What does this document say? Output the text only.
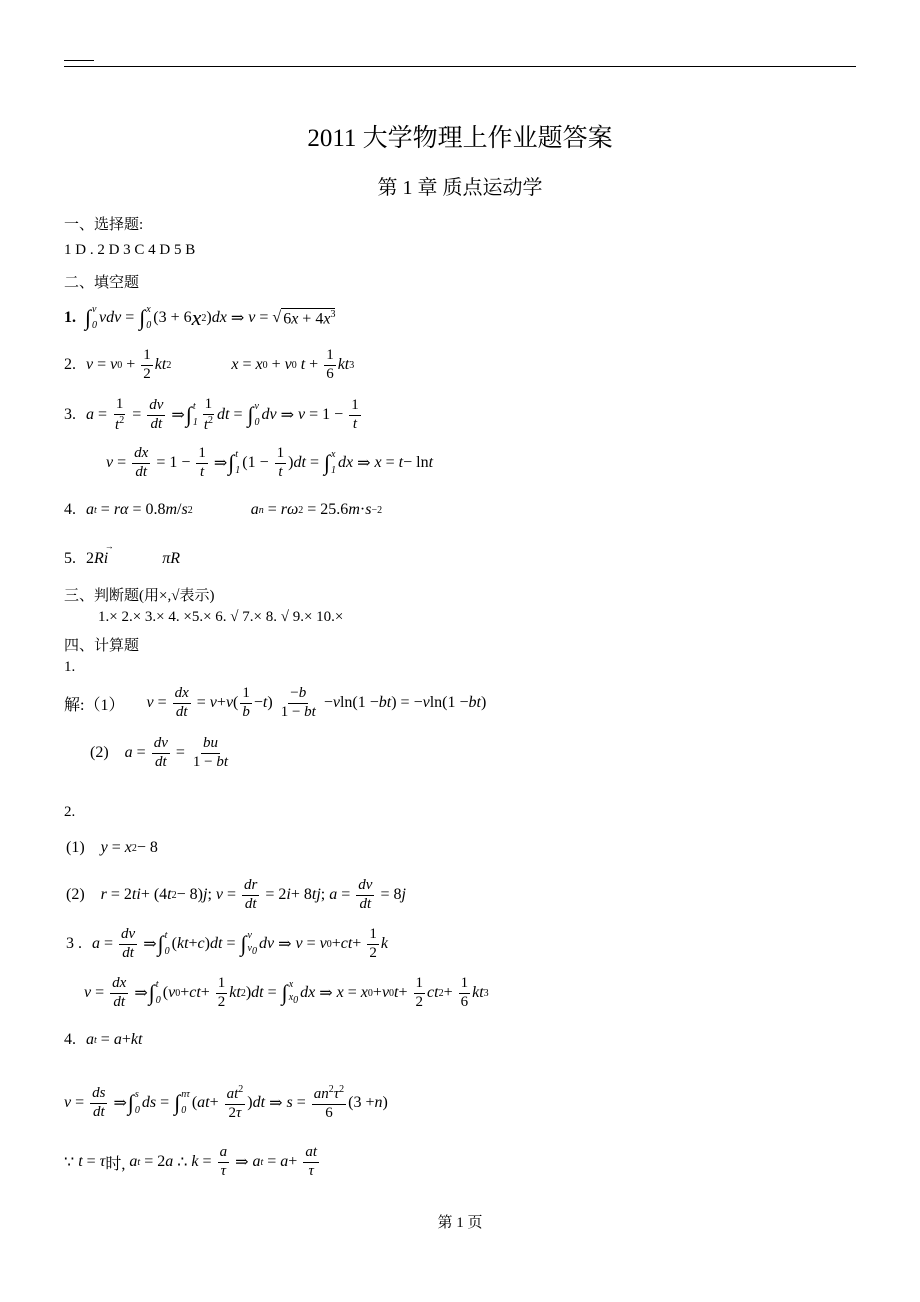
2011 大学物理上作业题答案
第 1 章 质点运动学
一、选择题:
1 D . 2 D 3 C 4 D 5 B
二、填空题
1. ∫ v
0 vdv = ∫ x
0 (3 + 6 x 2 ) dx ⇒ v = √ $6x + 4x^3$
2. v = v $0 + \frac{1}{2}$ kt 2	x = x 0 + v 0
$t + \frac{1}{6}$ kt 3
3. $a = \frac{1}{t^2} = \frac{dv}{dt}$ ⇒ ∫ t
$1 \frac{1}{t^2}$ dt = ∫ v
0 dv ⇒ $v = 1 - \frac{1}{t}$
$v = \frac{dx}{dt} = 1 - \frac{1}{t}$ ⇒ ∫ t
1 ($1 - \frac{1}{t}$ ) dt = ∫ x
1 dx ⇒ x = t − ln t
4. a t = rα = 0.8 m / s 2	a n = rω 2 = 25.6 m · s −2
5. 2 R i
→
πR
三、判断题(用×,√表示)
1.× 2.× 3.× 4. ×5.× 6. √ 7.× 8. √ 9.× 10.×
四、计算题
1.
解:（1） $v = \frac{dx}{dt} = v + v$ ( $\frac{1}{b} - t$ ) $\frac{-b}{1 - bt} - v$ ln(1 − bt ) = − v ln(1 − bt )
(2) $a = \frac{dv}{dt} = \frac{bu}{1 - bt}$
2.
(1) y = x 2 − 8
(2) r = 2 ti + (4 t 2 − 8) j ; $v = \frac{dr}{dt} = 2$ i + 8 tj ; $a = \frac{dv}{dt} = 8$ j
3 . $a = \frac{dv}{dt}$ ⇒ ∫ t
0 ( kt + c ) dt = ∫ v
$v_0$ dv ⇒ v = v 0 + ct + $\frac{1}{2}$ k
$v = \frac{dx}{dt}$ ⇒ ∫ t
0 ( v 0 + ct + $\frac{1}{2}$ kt 2 ) dt = ∫ x
$x_0$ dx ⇒ x = x 0 + v 0 $t + \frac{1}{2}$ ct $2 + \frac{1}{6}$ kt 3
4. a t = a + kt
$v = \frac{ds}{dt}$ ⇒ ∫ s
0 ds = ∫ nτ
0 ( at + $\frac{at^2}{2\tau}$ ) dt ⇒ $s = \frac{an^2\tau^2}{6} (3 + n$ )
∵ t = τ 时, a t = 2 a ∴ $k = \frac{a}{\tau}$ ⇒ a $t = a + \frac{at}{\tau}$
第 1 页
